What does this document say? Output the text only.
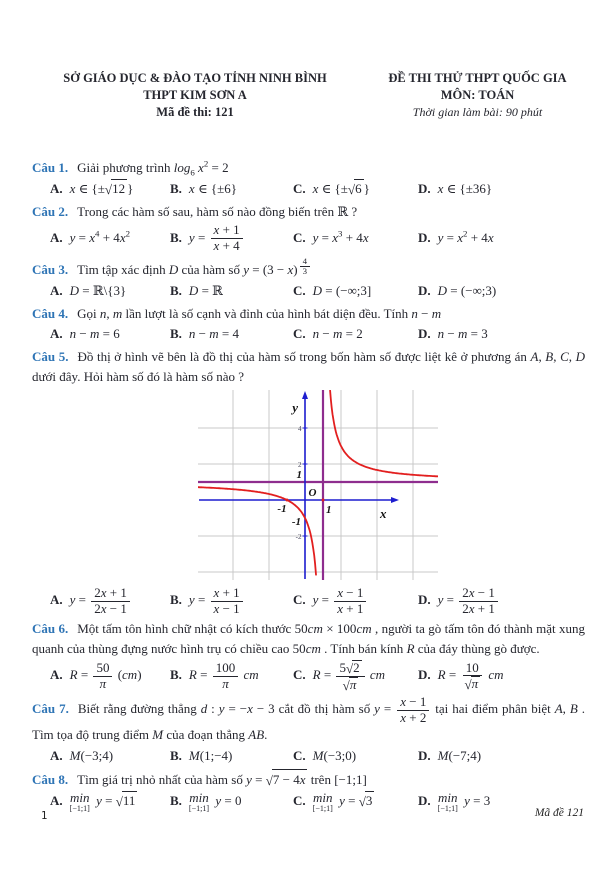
SỞ GIÁO DỤC & ĐÀO TẠO TỈNH NINH BÌNH
THPT KIM SƠN A
Mã đề thi: 121
ĐỀ THI THỬ THPT QUỐC GIA
MÔN: TOÁN
Thời gian làm bài: 90 phút

Câu 1. Giải phương trình $\log_6 x^2 = 2$

A. x ∈ {±√12 }	B. x ∈ {±6}	C. x ∈ {±√6 }	D. x ∈ {±36}

Câu 2. Trong các hàm số sau, hàm số nào đồng biến trên ℝ ?

A. $y = x^4 + 4x^2$	B. $y = \frac{x + 1}{x + 4}$	C. $y = x^3 + 4x$	D. $y = x^2 + 4x$

Câu 3. Tìm tập xác định D của hàm số y = (3 − x) $^{\frac{4}{3}}$

A. D = ℝ\{3}	B. D = ℝ	C. D = (−∞;3]	D. D = (−∞;3)

Câu 4. Gọi n, m lần lượt là số cạnh và đỉnh của hình bát diện đều. Tính n − m

A. n − m = 6	B. n − m = 4	C. n − m = 2	D. n − m = 3

Câu 5. Đồ thị ở hình vẽ bên là đồ thị của hàm số trong bốn hàm số được liệt kê ở phương án A, B, C, D dưới đây. Hỏi hàm số đó là hàm số nào ?

y
x
O
1
1
-1
-1
4
2
-2
A. $y = \frac{2x + 1}{2x - 1}$	B. $y = \frac{x + 1}{x - 1}$	C. $y = \frac{x - 1}{x + 1}$	D. $y = \frac{2x - 1}{2x + 1}$

Câu 6. Một tấm tôn hình chữ nhật có kích thước 50cm × 100cm , người ta gò tấm tôn đó thành mặt xung quanh của thùng đựng nước hình trụ có chiều cao 50cm . Tính bán kính R của đáy thùng gò được.

A. $R = \frac{50}{\pi} (cm)$	B. $R = \frac{100}{\pi}$ cm	C. $R = \frac{5√2}{√\pi}$ cm	D. $R = \frac{10}{√\pi}$ cm

Câu 7. Biết rằng đường thẳng d : y = −x − 3 cắt đồ thị hàm số $y = \frac{x - 1}{x + 2}$ tại hai điểm phân biệt A, B . Tìm tọa độ trung điểm M của đoạn thẳng AB.

A. M(−3;4)	B. M(1;−4)	C. M(−3;0)	D. M(−7;4)

Câu 8. Tìm giá trị nhỏ nhất của hàm số y = √7 − 4x trên [−1;1]

A. min
[−1;1]
y = √11	B. min
[−1;1]
y = 0	C. min
[−1;1]
y = √3	D. min
[−1;1]
y = 3
1	Mã đề 121
